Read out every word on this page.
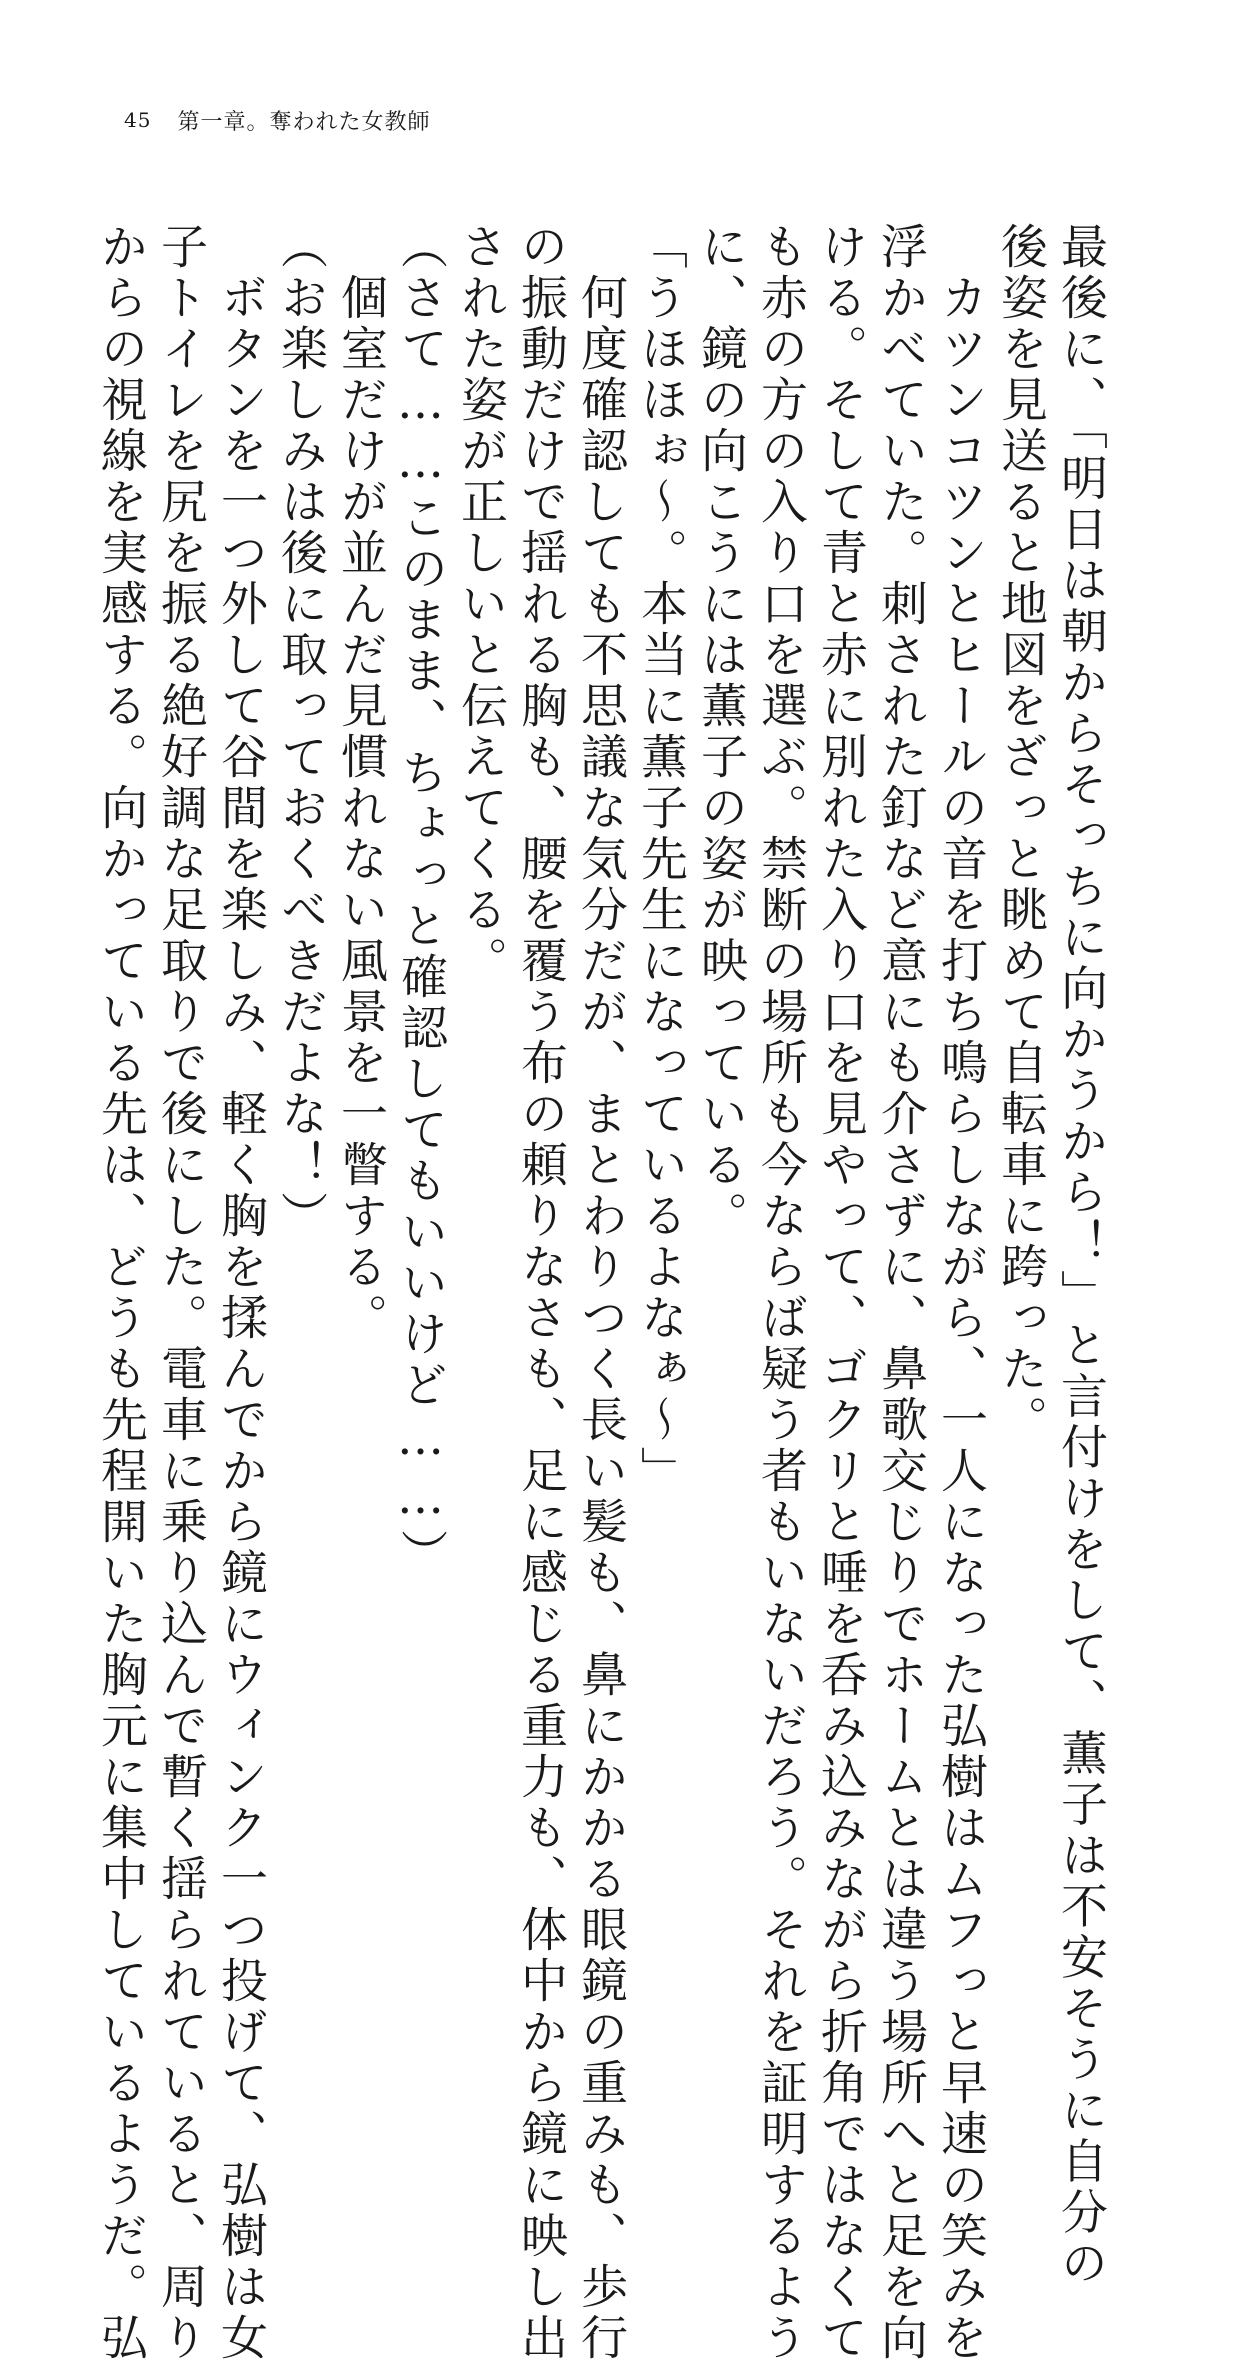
45 第一章。奪われた女教師

最後に、「明日は朝からそっちに向かうから！」と言付けをして、薫子は不安そうに自分の

後姿を見送ると地図をざっと眺めて自転車に跨った。

　カツンコツンとヒールの音を打ち鳴らしながら、一人になった弘樹はムフっと早速の笑みを

浮かべていた。刺された釘など意にも介さずに、鼻歌交じりでホームとは違う場所へと足を向

ける。そして青と赤に別れた入り口を見やって、ゴクリと唾を呑み込みながら折角ではなくて

も赤の方の入り口を選ぶ。禁断の場所も今ならば疑う者もいないだろう。それを証明するよう

に、鏡の向こうには薫子の姿が映っている。

「うほほぉ～。本当に薫子先生になっているよなぁ～」

　何度確認しても不思議な気分だが、まとわりつく長い髪も、鼻にかかる眼鏡の重みも、歩行

の振動だけで揺れる胸も、腰を覆う布の頼りなさも、足に感じる重力も、体中から鏡に映し出

された姿が正しいと伝えてくる。

（さて……このまま、ちょっと確認してもいいけど……）

　個室だけが並んだ見慣れない風景を一瞥する。

（お楽しみは後に取っておくべきだよな！）

　ボタンを一つ外して谷間を楽しみ、軽く胸を揉んでから鏡にウィンク一つ投げて、弘樹は女

子トイレを尻を振る絶好調な足取りで後にした。電車に乗り込んで暫く揺られていると、周り

からの視線を実感する。向かっている先は、どうも先程開いた胸元に集中しているようだ。弘
